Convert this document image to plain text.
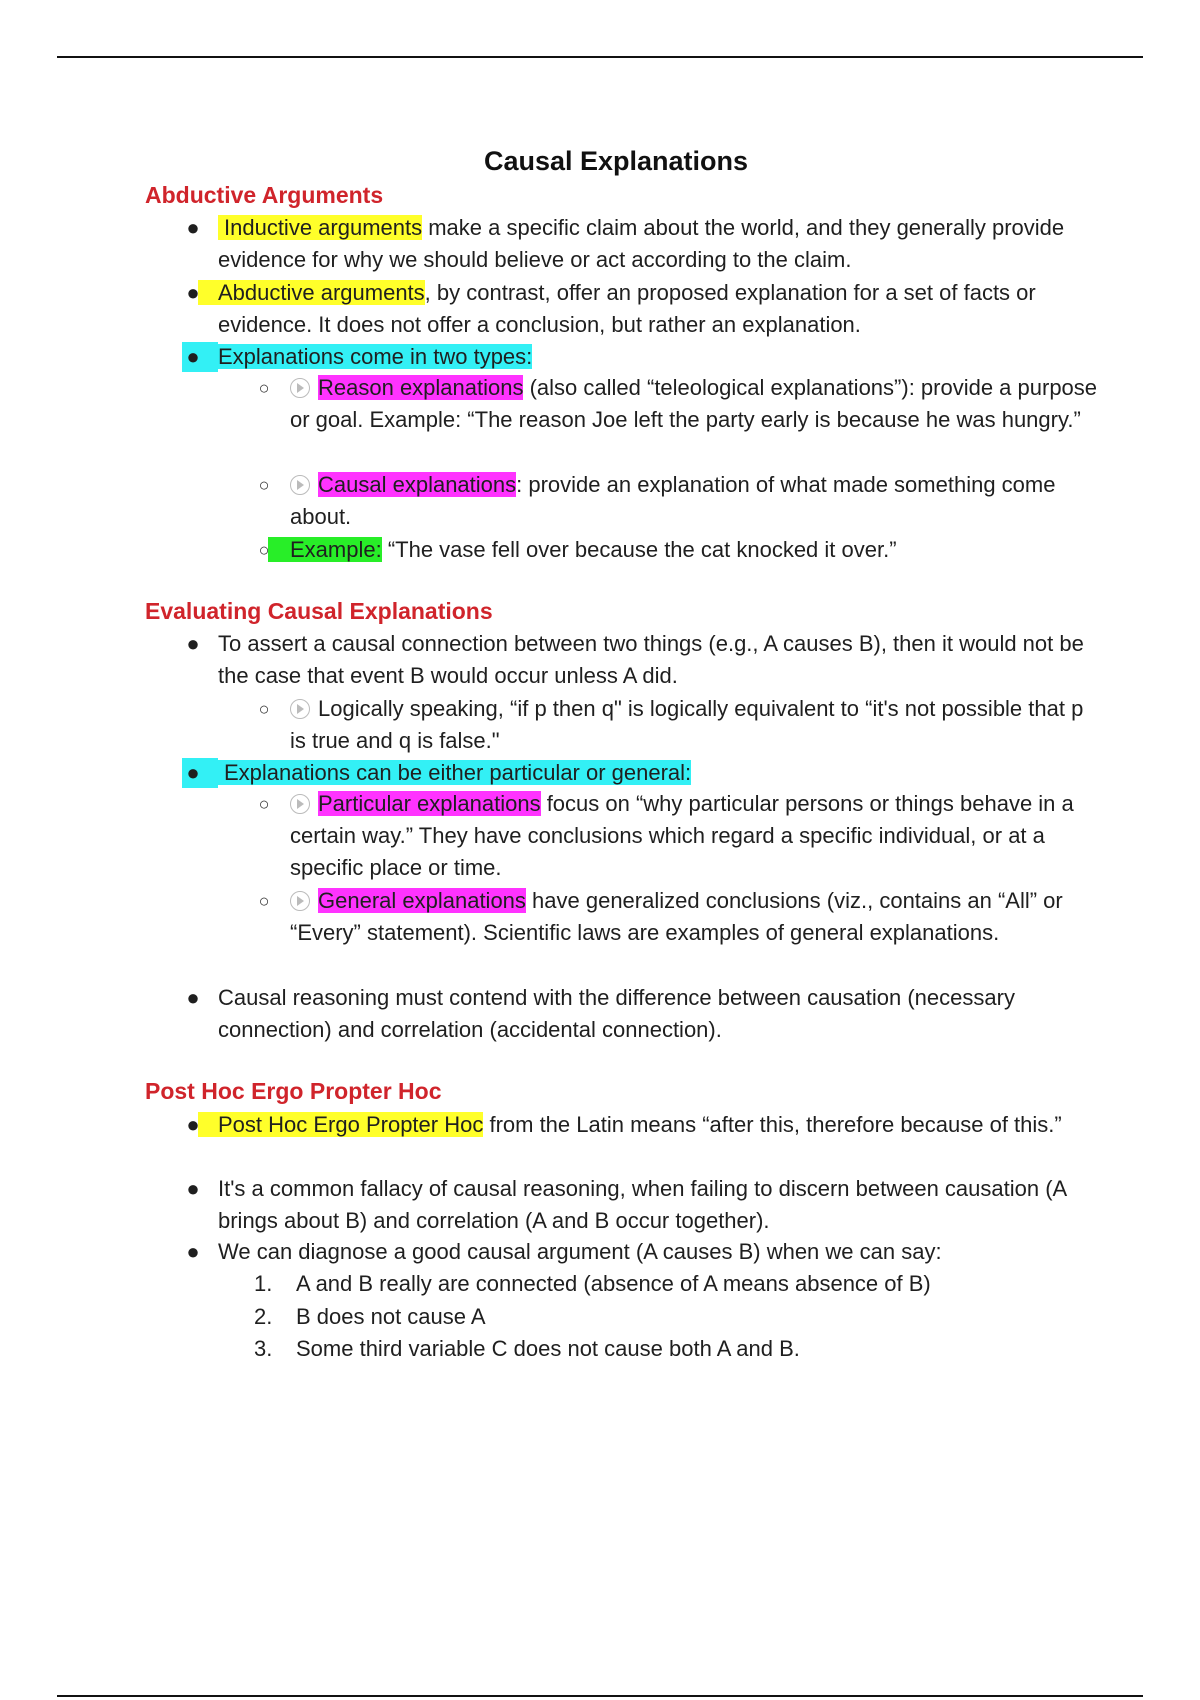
Causal Explanations
Abductive Arguments
● Inductive arguments make a specific claim about the world, and they generally provide evidence for why we should believe or act according to the claim.
● Abductive arguments, by contrast, offer an proposed explanation for a set of facts or evidence. It does not offer a conclusion, but rather an explanation.
● Explanations come in two types:
○ Reason explanations (also called “teleological explanations”): provide a purpose or goal. Example: “The reason Joe left the party early is because he was hungry.”
○ Causal explanations: provide an explanation of what made something come about.
○ Example: “The vase fell over because the cat knocked it over.”
Evaluating Causal Explanations
● To assert a causal connection between two things (e.g., A causes B), then it would not be the case that event B would occur unless A did.
○ Logically speaking, “if p then q" is logically equivalent to “it's not possible that p is true and q is false."
● Explanations can be either particular or general:
○ Particular explanations focus on “why particular persons or things behave in a certain way.” They have conclusions which regard a specific individual, or at a specific place or time.
○ General explanations have generalized conclusions (viz., contains an “All” or “Every” statement). Scientific laws are examples of general explanations.
● Causal reasoning must contend with the difference between causation (necessary connection) and correlation (accidental connection).
Post Hoc Ergo Propter Hoc
● Post Hoc Ergo Propter Hoc from the Latin means “after this, therefore because of this.”
● It's a common fallacy of causal reasoning, when failing to discern between causation (A brings about B) and correlation (A and B occur together).
● We can diagnose a good causal argument (A causes B) when we can say:
1.	A and B really are connected (absence of A means absence of B)
2.	B does not cause A
3.	Some third variable C does not cause both A and B.
